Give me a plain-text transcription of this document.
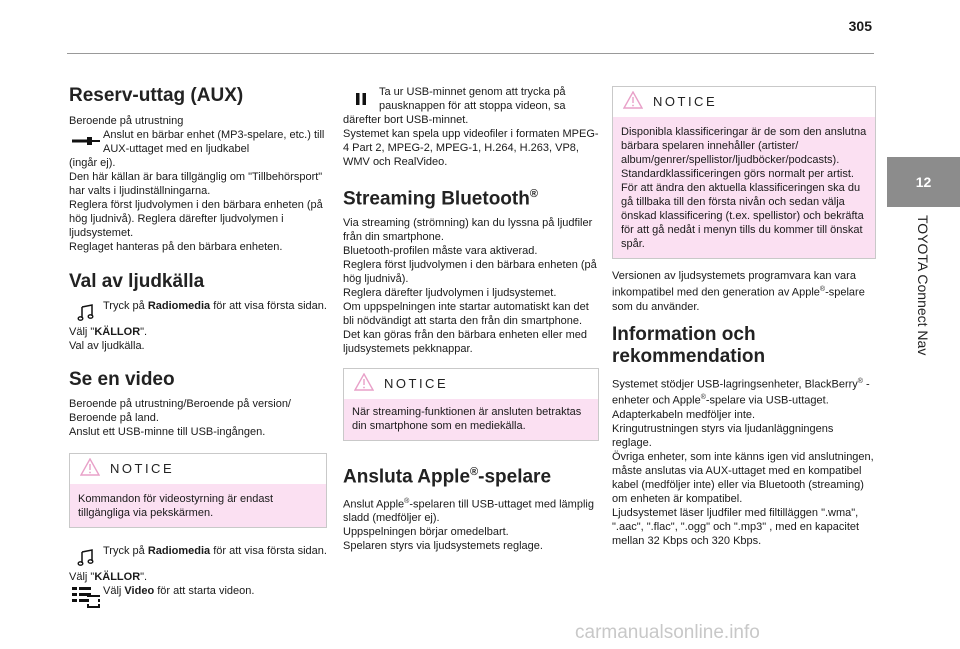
305
12
TOYOTA Connect Nav
Reserv-uttag (AUX)

Beroende på utrustning

Anslut en bärbar enhet (MP3-spelare, etc.) till AUX-uttaget med en ljudkabel

(ingår ej).

Den här källan är bara tillgänglig om "Tillbehörsport" har valts i ljudinställningarna.

Reglera först ljudvolymen i den bärbara enheten (på hög ljudnivå). Reglera därefter ljudvolymen i ljudsystemet.

Reglaget hanteras på den bärbara enheten.

Val av ljudkälla

Tryck på Radiomedia för att visa första sidan.

Välj "KÄLLOR".

Val av ljudkälla.

Se en video

Beroende på utrustning/Beroende på version/ Beroende på land.

Anslut ett USB-minne till USB-ingången.

NOTICE
Kommandon för videostyrning är endast tillgängliga via pekskärmen.

Tryck på Radiomedia för att visa första sidan.

Välj "KÄLLOR".

Välj Video för att starta videon.

Ta ur USB-minnet genom att trycka på pausknappen för att stoppa videon, sa

därefter bort USB-minnet.

Systemet kan spela upp videofiler i formaten MPEG-4 Part 2, MPEG-2, MPEG-1, H.264, H.263, VP8, WMV och RealVideo.

Streaming Bluetooth®

Via streaming (strömning) kan du lyssna på ljudfiler från din smartphone.

Bluetooth-profilen måste vara aktiverad.

Reglera först ljudvolymen i den bärbara enheten (på hög ljudnivå).

Reglera därefter ljudvolymen i ljudsystemet.

Om uppspelningen inte startar automatiskt kan det bli nödvändigt att starta den från din smartphone.

Det kan göras från den bärbara enheten eller med ljudsystemets pekknappar.

NOTICE
När streaming-funktionen är ansluten betraktas din smartphone som en mediekälla.
Ansluta Apple®-spelare

Anslut Apple®-spelaren till USB-uttaget med lämplig sladd (medföljer ej).

Uppspelningen börjar omedelbart.

Spelaren styrs via ljudsystemets reglage.

NOTICE
Disponibla klassificeringar är de som den anslutna bärbara spelaren innehåller (artister/ album/genrer/spellistor/ljudböcker/podcasts). Standardklassificeringen görs normalt per artist. För att ändra den aktuella klassificeringen ska du gå tillbaka till den första nivån och sedan välja önskad klassificering (t.ex. spellistor) och bekräfta för att gå nedåt i menyn tills du kommer till önskat spår.

Versionen av ljudsystemets programvara kan vara inkompatibel med den generation av Apple®-spelare som du använder.

Information och rekommendation

Systemet stödjer USB-lagringsenheter, BlackBerry® -enheter och Apple®-spelare via USB-uttaget. Adapterkabeln medföljer inte.

Kringutrustningen styrs via ljudanläggningens reglage.

Övriga enheter, som inte känns igen vid anslutningen, måste anslutas via AUX-uttaget med en kompatibel kabel (medföljer inte) eller via Bluetooth (streaming) om enheten är kompatibel.

Ljudsystemet läser ljudfiler med filtilläggen ".wma", ".aac", ".flac", ".ogg" och ".mp3" , med en kapacitet mellan 32 Kbps och 320 Kbps.

carmanualsonline.info
